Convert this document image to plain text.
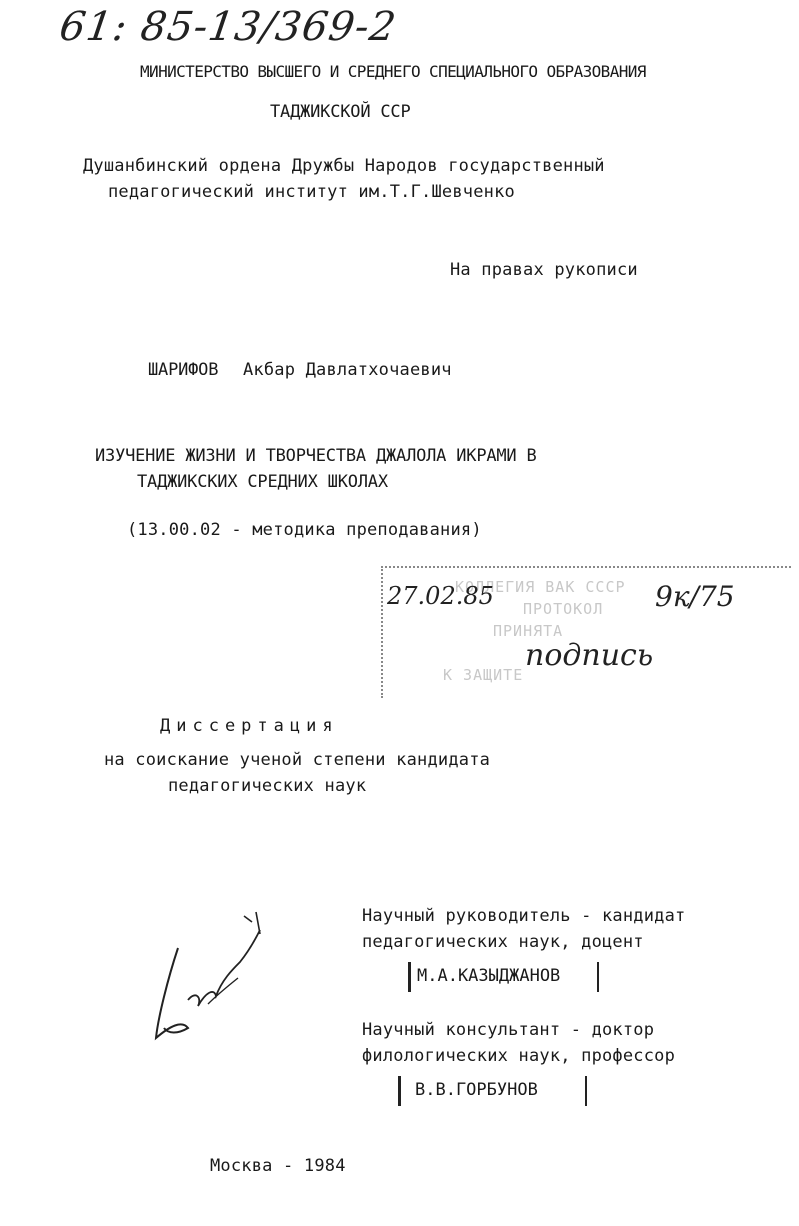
61: 85-13/369-2
МИНИСТЕРСТВО ВЫСШЕГО И СРЕДНЕГО СПЕЦИАЛЬНОГО ОБРАЗОВАНИЯ
ТАДЖИКСКОЙ ССР
Душанбинский ордена Дружбы Народов государственный
педагогический институт им.Т.Г.Шевченко
На правах рукописи
ШАРИФОВ Акбар Давлатхочаевич
ИЗУЧЕНИЕ ЖИЗНИ И ТВОРЧЕСТВА ДЖАЛОЛА ИКРАМИ В
ТАДЖИКСКИХ СРЕДНИХ ШКОЛАХ
(13.00.02 - методика преподавания)
КОЛЛЕГИЯ ВАК СССР
ПРОТОКОЛ
ПРИНЯТА
К ЗАЩИТЕ
27.02.85	9к/75
подпись
Диссертация
на соискание ученой степени кандидата
педагогических наук
Научный руководитель - кандидат
педагогических наук, доцент
М.А.КАЗЫДЖАНОВ
Научный консультант - доктор
филологических наук, профессор
В.В.ГОРБУНОВ
Москва - 1984
